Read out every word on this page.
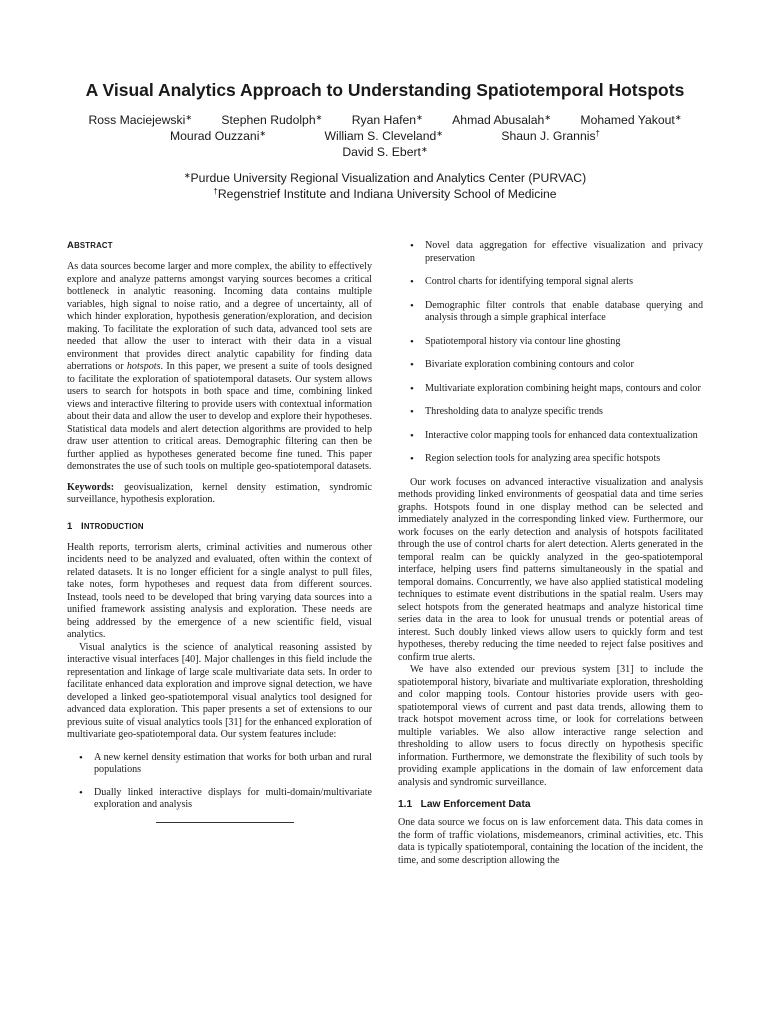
A Visual Analytics Approach to Understanding Spatiotemporal Hotspots
Ross Maciejewski∗ Stephen Rudolph∗ Ryan Hafen∗ Ahmad Abusalah∗ Mohamed Yakout∗
Mourad Ouzzani∗	William S. Cleveland∗	Shaun J. Grannis†
David S. Ebert∗
∗Purdue University Regional Visualization and Analytics Center (PURVAC)
†Regenstrief Institute and Indiana University School of Medicine
ABSTRACT

As data sources become larger and more complex, the ability to effectively explore and analyze patterns amongst varying sources becomes a critical bottleneck in analytic reasoning. Incoming data contains multiple variables, high signal to noise ratio, and a degree of uncertainty, all of which hinder exploration, hypothesis generation/exploration, and decision making. To facilitate the exploration of such data, advanced tool sets are needed that allow the user to interact with their data in a visual environment that provides direct analytic capability for finding data aberrations or hotspots. In this paper, we present a suite of tools designed to facilitate the exploration of spatiotemporal datasets. Our system allows users to search for hotspots in both space and time, combining linked views and interactive filtering to provide users with contextual information about their data and allow the user to develop and explore their hypotheses. Statistical data models and alert detection algorithms are provided to help draw user attention to critical areas. Demographic filtering can then be further applied as hypotheses generated become fine tuned. This paper demonstrates the use of such tools on multiple geo-spatiotemporal datasets.

Keywords: geovisualization, kernel density estimation, syndromic surveillance, hypothesis exploration.

1 INTRODUCTION

Health reports, terrorism alerts, criminal activities and numerous other incidents need to be analyzed and evaluated, often within the context of related datasets. It is no longer efficient for a single analyst to pull files, take notes, form hypotheses and request data from different sources. Instead, tools need to be developed that bring varying data sources into a unified framework assisting analysis and exploration. These needs are being addressed by the emergence of a new scientific field, visual analytics.

Visual analytics is the science of analytical reasoning assisted by interactive visual interfaces [40]. Major challenges in this field include the representation and linkage of large scale multivariate data sets. In order to facilitate enhanced data exploration and improve signal detection, we have developed a linked geo-spatiotemporal visual analytics tool designed for advanced data exploration. This paper presents a set of extensions to our previous suite of visual analytics tools [31] for the enhanced exploration of multivariate geo-spatiotemporal data. Our system features include:

• A new kernel density estimation that works for both urban and rural populations
• Dually linked interactive displays for multi-domain/multivariate exploration and analysis
• Novel data aggregation for effective visualization and privacy preservation
• Control charts for identifying temporal signal alerts
• Demographic filter controls that enable database querying and analysis through a simple graphical interface
• Spatiotemporal history via contour line ghosting
• Bivariate exploration combining contours and color
• Multivariate exploration combining height maps, contours and color
• Thresholding data to analyze specific trends
• Interactive color mapping tools for enhanced data contextualization
• Region selection tools for analyzing area specific hotspots

Our work focuses on advanced interactive visualization and analysis methods providing linked environments of geospatial data and time series graphs. Hotspots found in one display method can be selected and immediately analyzed in the corresponding linked view. Furthermore, our work focuses on the early detection and analysis of hotspots facilitated through the use of control charts for alert detection. Alerts generated in the temporal realm can be quickly analyzed in the geo-spatiotemporal interface, helping users find patterns simultaneously in the spatial and temporal domains. Concurrently, we have also applied statistical modeling techniques to estimate event distributions in the spatial realm. Users may select hotspots from the generated heatmaps and analyze historical time series data in the area to look for unusual trends or potential areas of interest. Such doubly linked views allow users to quickly form and test hypotheses, thereby reducing the time needed to reject false positives and confirm true alerts.

We have also extended our previous system [31] to include the spatiotemporal history, bivariate and multivariate exploration, thresholding and color mapping tools. Contour histories provide users with geo-spatiotemporal views of current and past data trends, allowing them to track hotspot movement across time, or look for correlations between multiple variables. We also allow interactive range selection and thresholding to allow users to focus directly on hypothesis specific information. Furthermore, we demonstrate the flexibility of such tools by providing example applications in the domain of law enforcement data analysis and syndromic surveillance.

1.1 Law Enforcement Data

One data source we focus on is law enforcement data. This data comes in the form of traffic violations, misdemeanors, criminal activities, etc. This data is typically spatiotemporal, containing the location of the incident, the time, and some description allowing the
